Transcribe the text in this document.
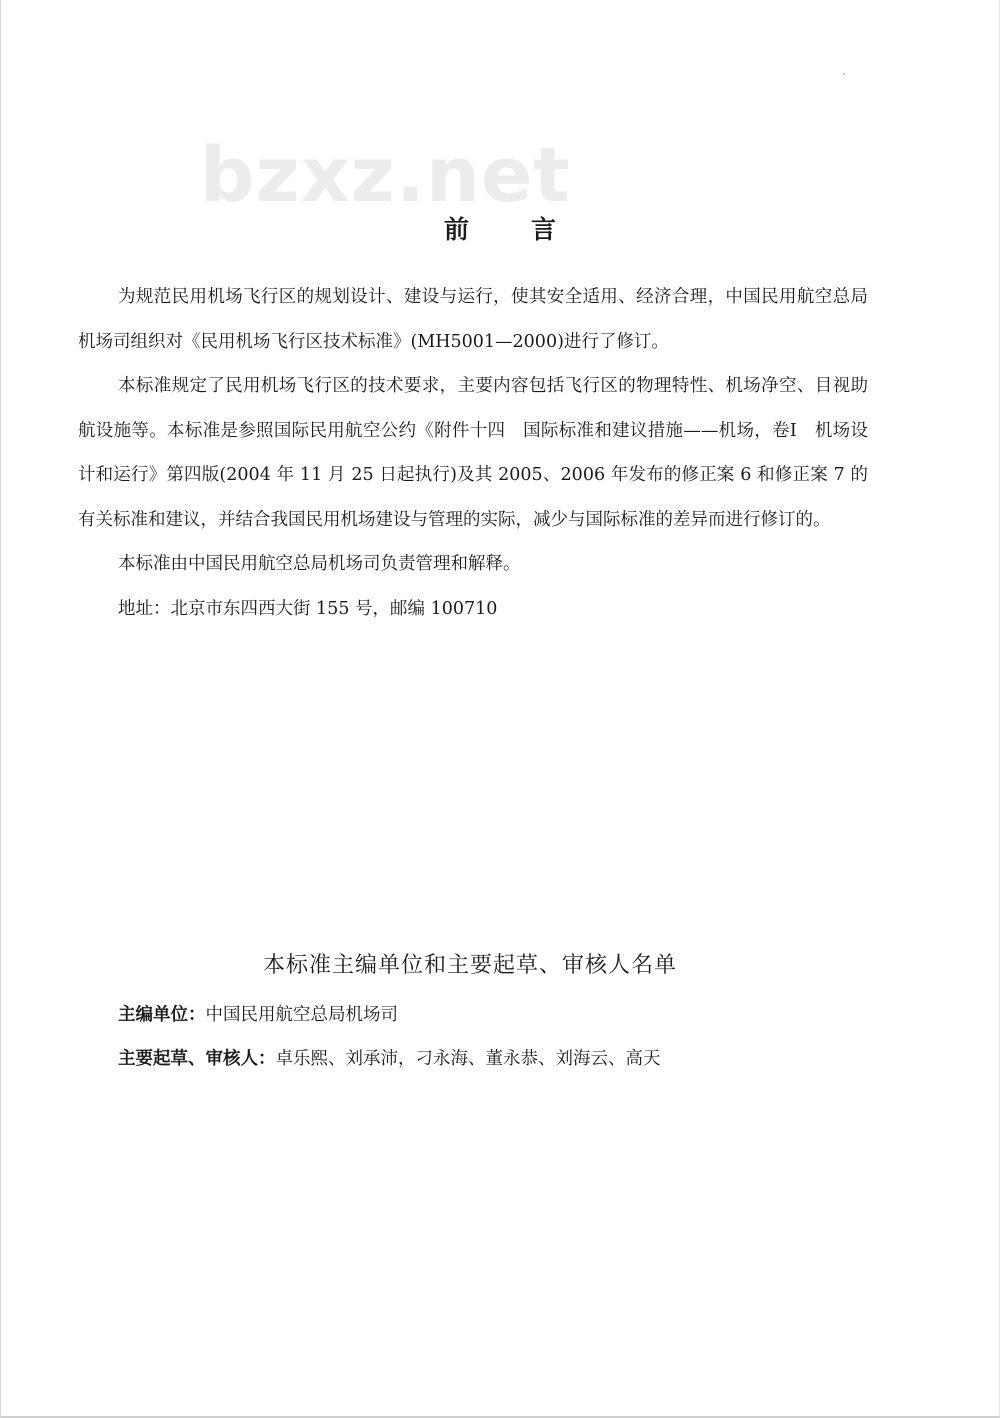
bzxz.net
前言

为规范民用机场飞行区的规划设计、建设与运行，使其安全适用、经济合理，中国民用航空总局机场司组织对《民用机场飞行区技术标准》(MH5001—2000)进行了修订。

本标准规定了民用机场飞行区的技术要求，主要内容包括飞行区的物理特性、机场净空、目视助航设施等。本标准是参照国际民用航空公约《附件十四　国际标准和建议措施——机场，卷Ⅰ　机场设计和运行》第四版(2004 年 11 月 25 日起执行)及其 2005、2006 年发布的修正案 6 和修正案 7 的有关标准和建议，并结合我国民用机场建设与管理的实际，减少与国际标准的差异而进行修订的。

本标准由中国民用航空总局机场司负责管理和解释。

地址：北京市东四西大街 155 号，邮编 100710

本标准主编单位和主要起草、审核人名单
主编单位：中国民用航空总局机场司
主要起草、审核人：卓乐熙、刘承沛，刁永海、董永恭、刘海云、高天
